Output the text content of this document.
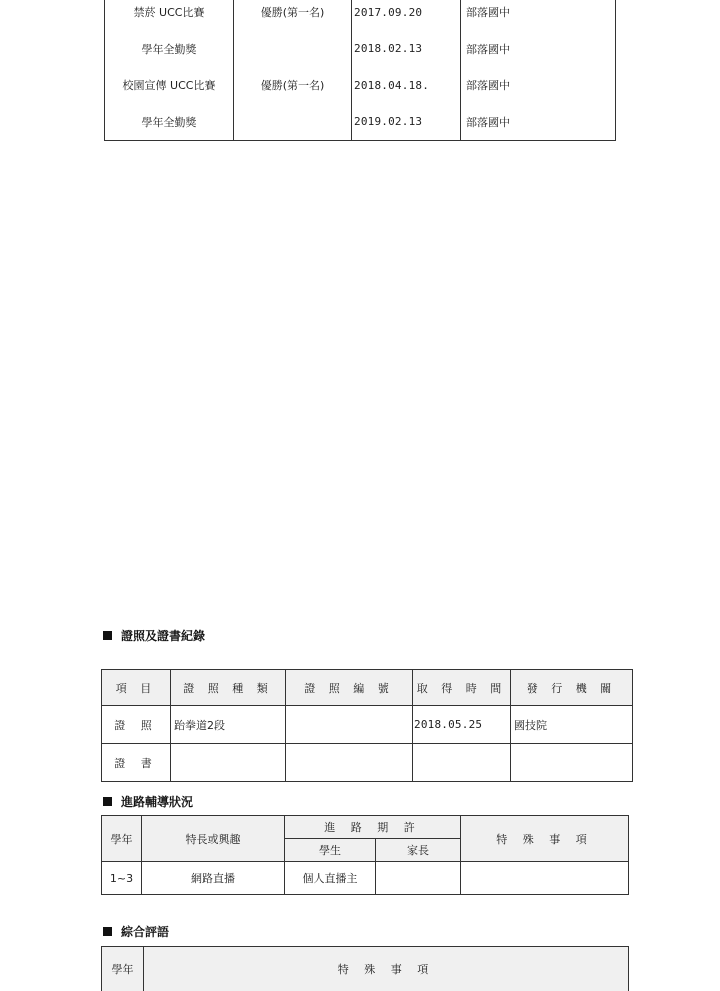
禁菸 UCC比賽	優勝(第一名)	2017.09.20	部落國中
學年全勤獎		2018.02.13	部落國中
校園宣傳 UCC比賽	優勝(第一名)	2018.04.18.	部落國中
學年全勤獎		2019.02.13	部落國中
證照及證書紀錄
項 目	證 照 種 類	證 照 編 號	取 得 時 間	發 行 機 關
證 照	跆拳道2段		2018.05.25	國技院
證 書				
進路輔導狀況
學年	特長或興趣	進 路 期 許		特 殊 事 項
		學生	家長	
1~3	網路直播	個人直播主		
綜合評語
學年	特 殊 事 項
